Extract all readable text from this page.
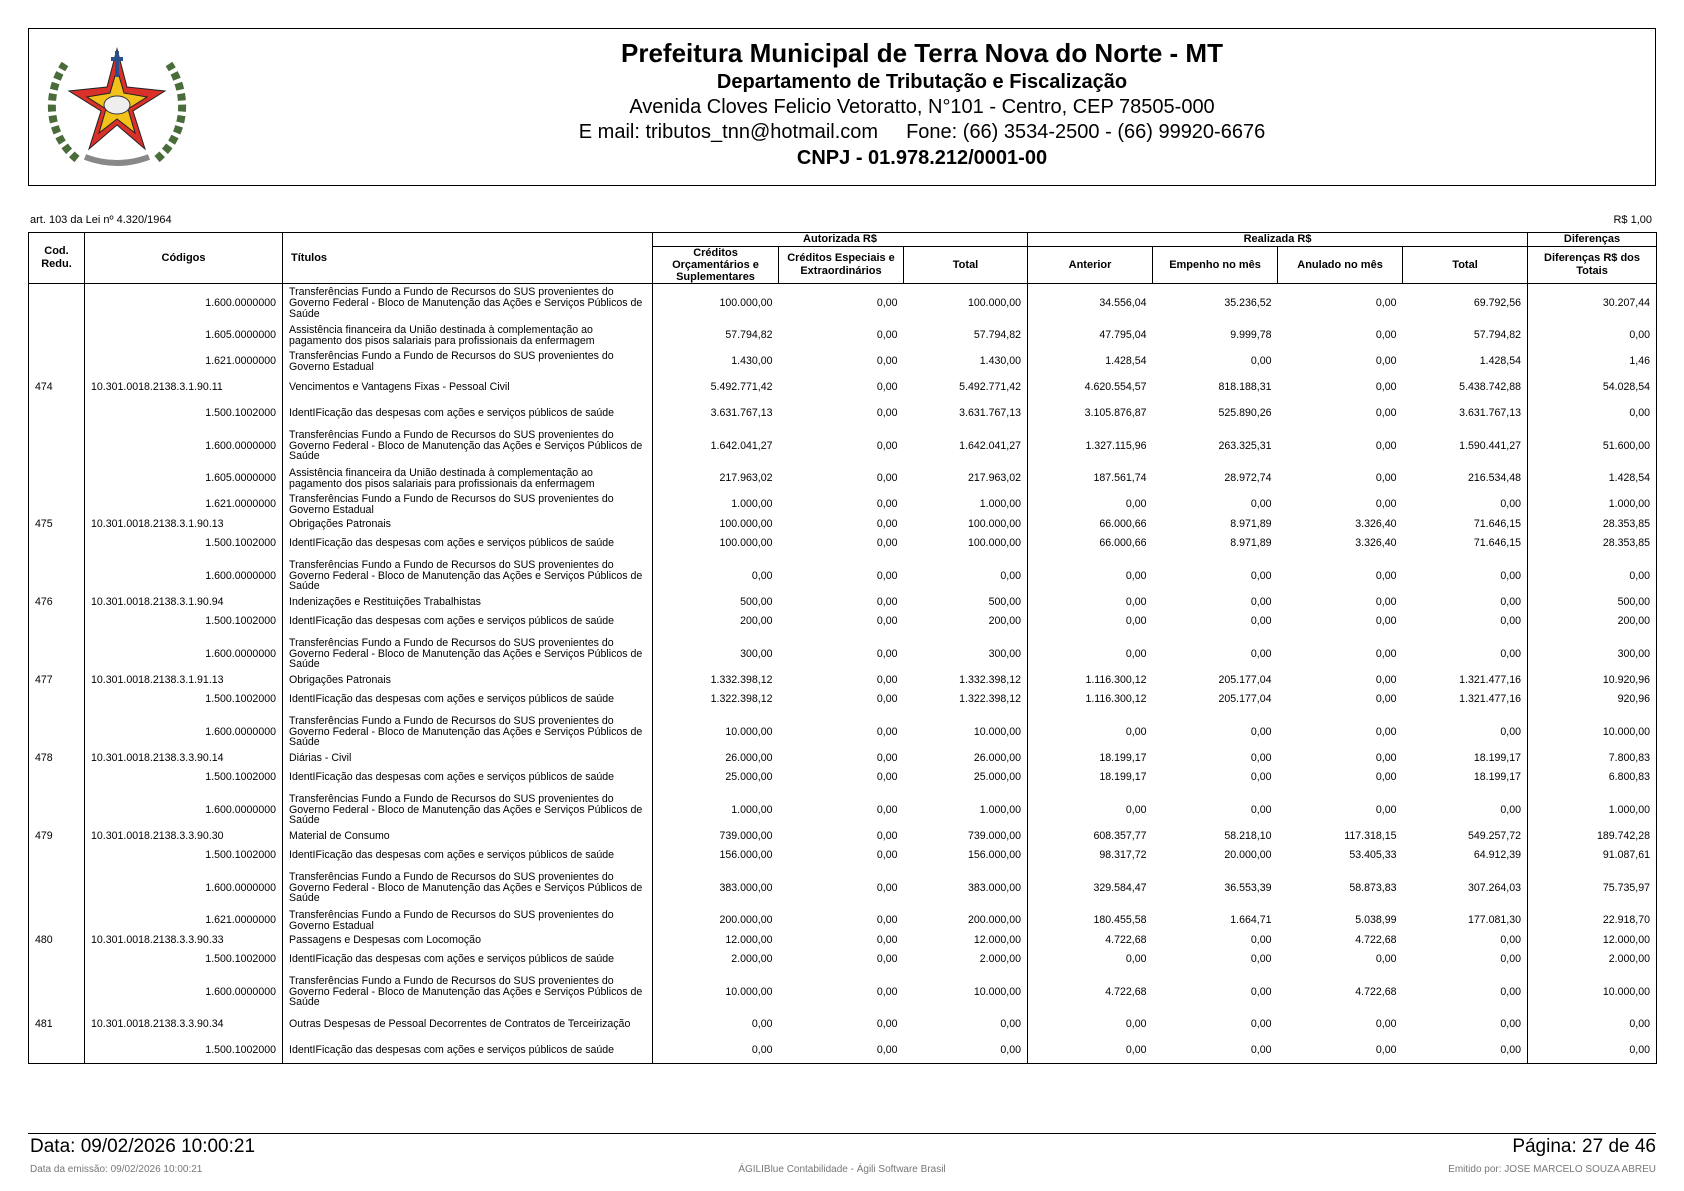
Prefeitura Municipal de Terra Nova do Norte - MT
Departamento de Tributação e Fiscalização
Avenida Cloves Felicio Vetoratto, N°101 - Centro, CEP 78505-000
E mail: tributos_tnn@hotmail.com Fone: (66) 3534-2500 - (66) 99920-6676
CNPJ - 01.978.212/0001-00
art. 103 da Lei nº 4.320/1964	R$ 1,00
Cod. Redu.	Códigos	Títulos	Autorizada R$			Realizada R$				Diferenças
			Créditos Orçamentários e Suplementares	Créditos Especiais e Extraordinários	Total	Anterior	Empenho no mês	Anulado no mês	Total	Diferenças R$ dos Totais
	1.600.0000000	Transferências Fundo a Fundo de Recursos do SUS provenientes do Governo Federal - Bloco de Manutenção das Ações e Serviços Públicos de Saúde	100.000,00	0,00	100.000,00	34.556,04	35.236,52	0,00	69.792,56	30.207,44
	1.605.0000000	Assistência financeira da União destinada à complementação ao pagamento dos pisos salariais para profissionais da enfermagem	57.794,82	0,00	57.794,82	47.795,04	9.999,78	0,00	57.794,82	0,00
	1.621.0000000	Transferências Fundo a Fundo de Recursos do SUS provenientes do Governo Estadual	1.430,00	0,00	1.430,00	1.428,54	0,00	0,00	1.428,54	1,46
474	10.301.0018.2138.3.1.90.11	Vencimentos e Vantagens Fixas - Pessoal Civil	5.492.771,42	0,00	5.492.771,42	4.620.554,57	818.188,31	0,00	5.438.742,88	54.028,54
	1.500.1002000	IdentIFicação das despesas com ações e serviços públicos de saúde	3.631.767,13	0,00	3.631.767,13	3.105.876,87	525.890,26	0,00	3.631.767,13	0,00
	1.600.0000000	Transferências Fundo a Fundo de Recursos do SUS provenientes do Governo Federal - Bloco de Manutenção das Ações e Serviços Públicos de Saúde	1.642.041,27	0,00	1.642.041,27	1.327.115,96	263.325,31	0,00	1.590.441,27	51.600,00
	1.605.0000000	Assistência financeira da União destinada à complementação ao pagamento dos pisos salariais para profissionais da enfermagem	217.963,02	0,00	217.963,02	187.561,74	28.972,74	0,00	216.534,48	1.428,54
	1.621.0000000	Transferências Fundo a Fundo de Recursos do SUS provenientes do Governo Estadual	1.000,00	0,00	1.000,00	0,00	0,00	0,00	0,00	1.000,00
475	10.301.0018.2138.3.1.90.13	Obrigações Patronais	100.000,00	0,00	100.000,00	66.000,66	8.971,89	3.326,40	71.646,15	28.353,85
	1.500.1002000	IdentIFicação das despesas com ações e serviços públicos de saúde	100.000,00	0,00	100.000,00	66.000,66	8.971,89	3.326,40	71.646,15	28.353,85
	1.600.0000000	Transferências Fundo a Fundo de Recursos do SUS provenientes do Governo Federal - Bloco de Manutenção das Ações e Serviços Públicos de Saúde	0,00	0,00	0,00	0,00	0,00	0,00	0,00	0,00
476	10.301.0018.2138.3.1.90.94	Indenizações e Restituições Trabalhistas	500,00	0,00	500,00	0,00	0,00	0,00	0,00	500,00
	1.500.1002000	IdentIFicação das despesas com ações e serviços públicos de saúde	200,00	0,00	200,00	0,00	0,00	0,00	0,00	200,00
	1.600.0000000	Transferências Fundo a Fundo de Recursos do SUS provenientes do Governo Federal - Bloco de Manutenção das Ações e Serviços Públicos de Saúde	300,00	0,00	300,00	0,00	0,00	0,00	0,00	300,00
477	10.301.0018.2138.3.1.91.13	Obrigações Patronais	1.332.398,12	0,00	1.332.398,12	1.116.300,12	205.177,04	0,00	1.321.477,16	10.920,96
	1.500.1002000	IdentIFicação das despesas com ações e serviços públicos de saúde	1.322.398,12	0,00	1.322.398,12	1.116.300,12	205.177,04	0,00	1.321.477,16	920,96
	1.600.0000000	Transferências Fundo a Fundo de Recursos do SUS provenientes do Governo Federal - Bloco de Manutenção das Ações e Serviços Públicos de Saúde	10.000,00	0,00	10.000,00	0,00	0,00	0,00	0,00	10.000,00
478	10.301.0018.2138.3.3.90.14	Diárias - Civil	26.000,00	0,00	26.000,00	18.199,17	0,00	0,00	18.199,17	7.800,83
	1.500.1002000	IdentIFicação das despesas com ações e serviços públicos de saúde	25.000,00	0,00	25.000,00	18.199,17	0,00	0,00	18.199,17	6.800,83
	1.600.0000000	Transferências Fundo a Fundo de Recursos do SUS provenientes do Governo Federal - Bloco de Manutenção das Ações e Serviços Públicos de Saúde	1.000,00	0,00	1.000,00	0,00	0,00	0,00	0,00	1.000,00
479	10.301.0018.2138.3.3.90.30	Material de Consumo	739.000,00	0,00	739.000,00	608.357,77	58.218,10	117.318,15	549.257,72	189.742,28
	1.500.1002000	IdentIFicação das despesas com ações e serviços públicos de saúde	156.000,00	0,00	156.000,00	98.317,72	20.000,00	53.405,33	64.912,39	91.087,61
	1.600.0000000	Transferências Fundo a Fundo de Recursos do SUS provenientes do Governo Federal - Bloco de Manutenção das Ações e Serviços Públicos de Saúde	383.000,00	0,00	383.000,00	329.584,47	36.553,39	58.873,83	307.264,03	75.735,97
	1.621.0000000	Transferências Fundo a Fundo de Recursos do SUS provenientes do Governo Estadual	200.000,00	0,00	200.000,00	180.455,58	1.664,71	5.038,99	177.081,30	22.918,70
480	10.301.0018.2138.3.3.90.33	Passagens e Despesas com Locomoção	12.000,00	0,00	12.000,00	4.722,68	0,00	4.722,68	0,00	12.000,00
	1.500.1002000	IdentIFicação das despesas com ações e serviços públicos de saúde	2.000,00	0,00	2.000,00	0,00	0,00	0,00	0,00	2.000,00
	1.600.0000000	Transferências Fundo a Fundo de Recursos do SUS provenientes do Governo Federal - Bloco de Manutenção das Ações e Serviços Públicos de Saúde	10.000,00	0,00	10.000,00	4.722,68	0,00	4.722,68	0,00	10.000,00
481	10.301.0018.2138.3.3.90.34	Outras Despesas de Pessoal Decorrentes de Contratos de Terceirização	0,00	0,00	0,00	0,00	0,00	0,00	0,00	0,00
	1.500.1002000	IdentIFicação das despesas com ações e serviços públicos de saúde	0,00	0,00	0,00	0,00	0,00	0,00	0,00	0,00
Data: 09/02/2026 10:00:21	Página: 27 de 46
Data da emissão: 09/02/2026 10:00:21	ÁGILIBlue Contabilidade - Ágili Software Brasil	Emitido por: JOSE MARCELO SOUZA ABREU
